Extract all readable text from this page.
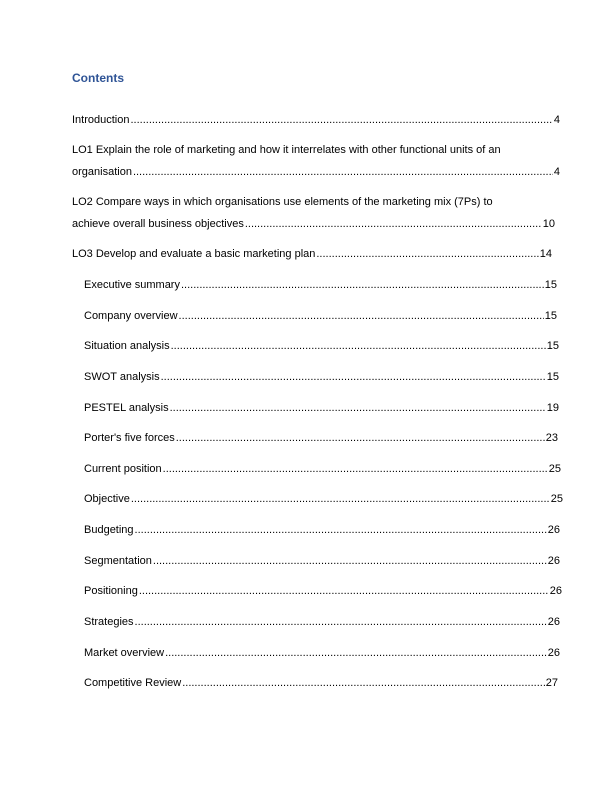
Contents
Introduction .....	4
LO1 Explain the role of marketing and how it interrelates with other functional units of an
organisation .....	4
LO2 Compare ways in which organisations use elements of the marketing mix (7Ps) to
achieve overall business objectives .....	10
LO3 Develop and evaluate a basic marketing plan .....	14
Executive summary .....	15
Company overview .....	15
Situation analysis .....	15
SWOT analysis .....	15
PESTEL analysis .....	19
Porter's five forces .....	23
Current position .....	25
Objective .....	25
Budgeting .....	26
Segmentation .....	26
Positioning .....	26
Strategies .....	26
Market overview .....	26
Competitive Review .....	27
